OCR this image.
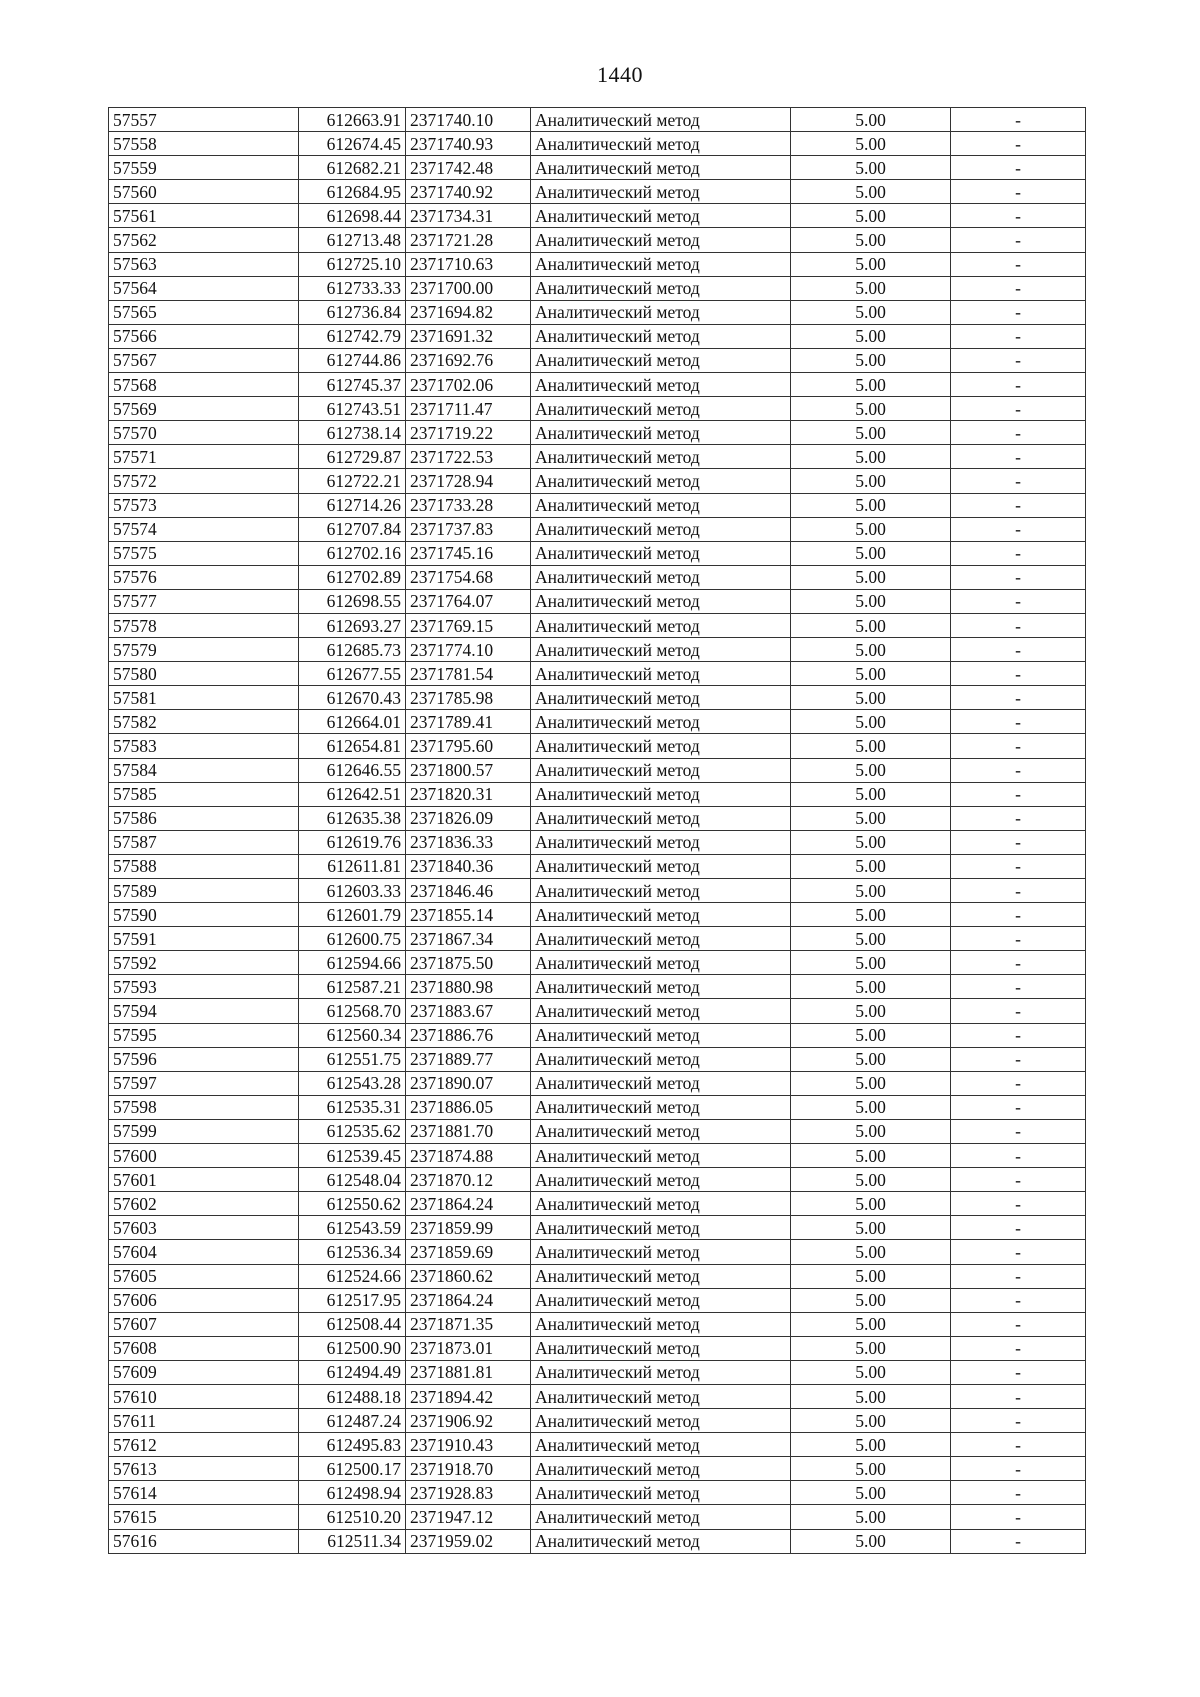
1440
57557	612663.91	2371740.10	Аналитический метод	5.00	-
57558	612674.45	2371740.93	Аналитический метод	5.00	-
57559	612682.21	2371742.48	Аналитический метод	5.00	-
57560	612684.95	2371740.92	Аналитический метод	5.00	-
57561	612698.44	2371734.31	Аналитический метод	5.00	-
57562	612713.48	2371721.28	Аналитический метод	5.00	-
57563	612725.10	2371710.63	Аналитический метод	5.00	-
57564	612733.33	2371700.00	Аналитический метод	5.00	-
57565	612736.84	2371694.82	Аналитический метод	5.00	-
57566	612742.79	2371691.32	Аналитический метод	5.00	-
57567	612744.86	2371692.76	Аналитический метод	5.00	-
57568	612745.37	2371702.06	Аналитический метод	5.00	-
57569	612743.51	2371711.47	Аналитический метод	5.00	-
57570	612738.14	2371719.22	Аналитический метод	5.00	-
57571	612729.87	2371722.53	Аналитический метод	5.00	-
57572	612722.21	2371728.94	Аналитический метод	5.00	-
57573	612714.26	2371733.28	Аналитический метод	5.00	-
57574	612707.84	2371737.83	Аналитический метод	5.00	-
57575	612702.16	2371745.16	Аналитический метод	5.00	-
57576	612702.89	2371754.68	Аналитический метод	5.00	-
57577	612698.55	2371764.07	Аналитический метод	5.00	-
57578	612693.27	2371769.15	Аналитический метод	5.00	-
57579	612685.73	2371774.10	Аналитический метод	5.00	-
57580	612677.55	2371781.54	Аналитический метод	5.00	-
57581	612670.43	2371785.98	Аналитический метод	5.00	-
57582	612664.01	2371789.41	Аналитический метод	5.00	-
57583	612654.81	2371795.60	Аналитический метод	5.00	-
57584	612646.55	2371800.57	Аналитический метод	5.00	-
57585	612642.51	2371820.31	Аналитический метод	5.00	-
57586	612635.38	2371826.09	Аналитический метод	5.00	-
57587	612619.76	2371836.33	Аналитический метод	5.00	-
57588	612611.81	2371840.36	Аналитический метод	5.00	-
57589	612603.33	2371846.46	Аналитический метод	5.00	-
57590	612601.79	2371855.14	Аналитический метод	5.00	-
57591	612600.75	2371867.34	Аналитический метод	5.00	-
57592	612594.66	2371875.50	Аналитический метод	5.00	-
57593	612587.21	2371880.98	Аналитический метод	5.00	-
57594	612568.70	2371883.67	Аналитический метод	5.00	-
57595	612560.34	2371886.76	Аналитический метод	5.00	-
57596	612551.75	2371889.77	Аналитический метод	5.00	-
57597	612543.28	2371890.07	Аналитический метод	5.00	-
57598	612535.31	2371886.05	Аналитический метод	5.00	-
57599	612535.62	2371881.70	Аналитический метод	5.00	-
57600	612539.45	2371874.88	Аналитический метод	5.00	-
57601	612548.04	2371870.12	Аналитический метод	5.00	-
57602	612550.62	2371864.24	Аналитический метод	5.00	-
57603	612543.59	2371859.99	Аналитический метод	5.00	-
57604	612536.34	2371859.69	Аналитический метод	5.00	-
57605	612524.66	2371860.62	Аналитический метод	5.00	-
57606	612517.95	2371864.24	Аналитический метод	5.00	-
57607	612508.44	2371871.35	Аналитический метод	5.00	-
57608	612500.90	2371873.01	Аналитический метод	5.00	-
57609	612494.49	2371881.81	Аналитический метод	5.00	-
57610	612488.18	2371894.42	Аналитический метод	5.00	-
57611	612487.24	2371906.92	Аналитический метод	5.00	-
57612	612495.83	2371910.43	Аналитический метод	5.00	-
57613	612500.17	2371918.70	Аналитический метод	5.00	-
57614	612498.94	2371928.83	Аналитический метод	5.00	-
57615	612510.20	2371947.12	Аналитический метод	5.00	-
57616	612511.34	2371959.02	Аналитический метод	5.00	-
